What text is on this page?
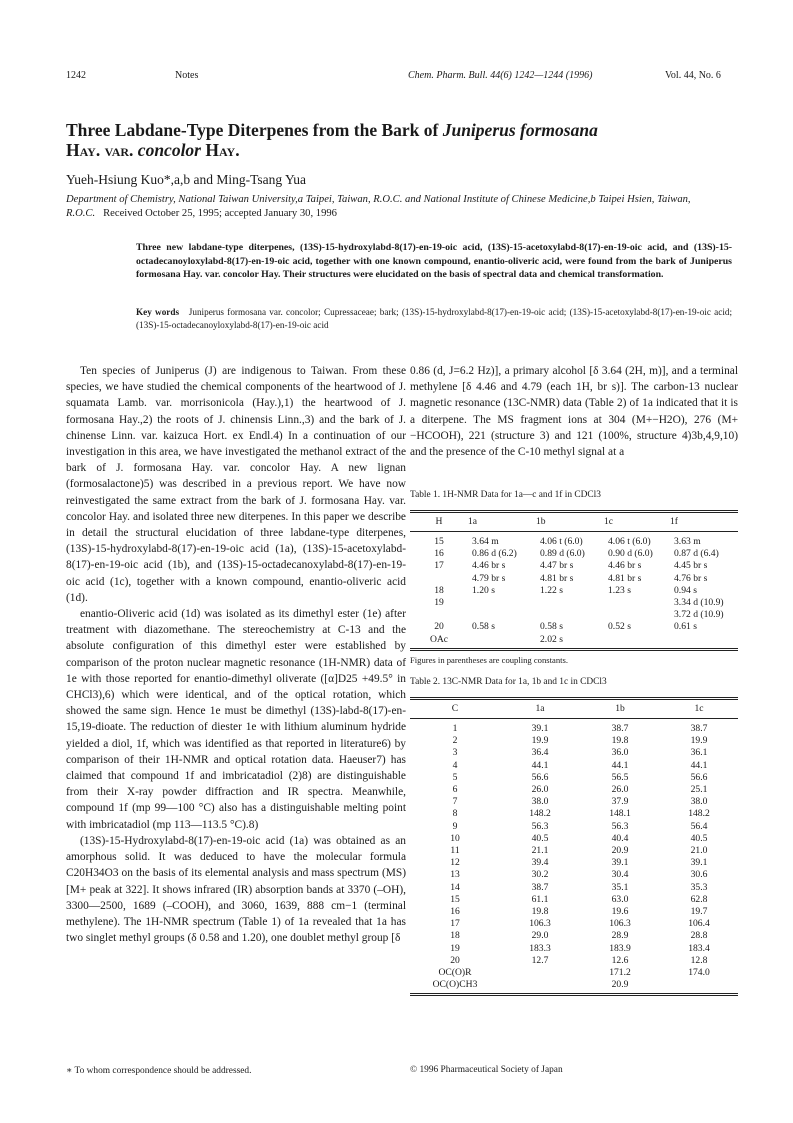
1242	Notes	Chem. Pharm. Bull. 44(6) 1242—1244 (1996)	Vol. 44, No. 6
Three Labdane-Type Diterpenes from the Bark of Juniperus formosana
Hay. var. concolor Hay.
Yueh-Hsiung Kuo*,a,b and Ming-Tsang Yua
Department of Chemistry, National Taiwan University,a Taipei, Taiwan, R.O.C. and National Institute of Chinese Medicine,b Taipei Hsien, Taiwan, R.O.C. Received October 25, 1995; accepted January 30, 1996
Three new labdane-type diterpenes, (13S)-15-hydroxylabd-8(17)-en-19-oic acid, (13S)-15-acetoxylabd-8(17)-en-19-oic acid, and (13S)-15-octadecanoyloxylabd-8(17)-en-19-oic acid, together with one known compound, enantio-oliveric acid, were found from the bark of Juniperus formosana Hay. var. concolor Hay. Their structures were elucidated on the basis of spectral data and chemical transformation.
Key words Juniperus formosana var. concolor; Cupressaceae; bark; (13S)-15-hydroxylabd-8(17)-en-19-oic acid; (13S)-15-acetoxylabd-8(17)-en-19-oic acid; (13S)-15-octadecanoyloxylabd-8(17)-en-19-oic acid

Ten species of Juniperus (J) are indigenous to Taiwan. From these species, we have studied the chemical components of the heartwood of J. squamata Lamb. var. morrisonicola (Hay.),1) the heartwood of J. formosana Hay.,2) the roots of J. chinensis Linn.,3) and the bark of J. chinense Linn. var. kaizuca Hort. ex Endl.4) In a continuation of our investigation in this area, we have investigated the methanol extract of the bark of J. formosana Hay. var. concolor Hay. A new lignan (formosalactone)5) was described in a previous report. We have now reinvestigated the same extract from the bark of J. formosana Hay. var. concolor Hay. and isolated three new diterpenes. In this paper we describe in detail the structural elucidation of three labdane-type diterpenes, (13S)-15-hydroxylabd-8(17)-en-19-oic acid (1a), (13S)-15-acetoxylabd-8(17)-en-19-oic acid (1b), and (13S)-15-octadecanoxylabd-8(17)-en-19-oic acid (1c), together with a known compound, enantio-oliveric acid (1d).

enantio-Oliveric acid (1d) was isolated as its dimethyl ester (1e) after treatment with diazomethane. The stereochemistry at C-13 and the absolute configuration of this dimethyl ester were established by comparison of the proton nuclear magnetic resonance (1H-NMR) data of 1e with those reported for enantio-dimethyl oliverate ([α]D25 +49.5° in CHCl3),6) which were identical, and of the optical rotation, which showed the same sign. Hence 1e must be dimethyl (13S)-labd-8(17)-en-15,19-dioate. The reduction of diester 1e with lithium aluminum hydride yielded a diol, 1f, which was identified as that reported in literature6) by comparison of their 1H-NMR and optical rotation data. Haeuser7) has claimed that compound 1f and imbricatadiol (2)8) are distinguishable from their X-ray powder diffraction and IR spectra. Meanwhile, compound 1f (mp 99—100 °C) also has a distinguishable melting point with imbricatadiol (mp 113—113.5 °C).8)

(13S)-15-Hydroxylabd-8(17)-en-19-oic acid (1a) was obtained as an amorphous solid. It was deduced to have the molecular formula C20H34O3 on the basis of its elemental analysis and mass spectrum (MS) [M+ peak at 322]. It shows infrared (IR) absorption bands at 3370 (–OH), 3300—2500, 1689 (–COOH), and 3060, 1639, 888 cm−1 (terminal methylene). The 1H-NMR spectrum (Table 1) of 1a revealed that 1a has two singlet methyl groups (δ 0.58 and 1.20), one doublet methyl group [δ

0.86 (d, J=6.2 Hz)], a primary alcohol [δ 3.64 (2H, m)], and a terminal methylene [δ 4.46 and 4.79 (each 1H, br s)]. The carbon-13 nuclear magnetic resonance (13C-NMR) data (Table 2) of 1a indicated that it is a diterpene. The MS fragment ions at 304 (M+−H2O), 276 (M+−HCOOH), 221 (structure 3) and 121 (100%, structure 4)3b,4,9,10) and the presence of the C-10 methyl signal at a

Table 1. 1H-NMR Data for 1a—c and 1f in CDCl3
H	1a	1b	1c	1f
15	3.64 m	4.06 t (6.0)	4.06 t (6.0)	3.63 m
16	0.86 d (6.2)	0.89 d (6.0)	0.90 d (6.0)	0.87 d (6.4)
17	4.46 br s	4.47 br s	4.46 br s	4.45 br s
	4.79 br s	4.81 br s	4.81 br s	4.76 br s
18	1.20 s	1.22 s	1.23 s	0.94 s
19				3.34 d (10.9)
				3.72 d (10.9)
20	0.58 s	0.58 s	0.52 s	0.61 s
OAc		2.02 s		
Figures in parentheses are coupling constants.
Table 2. 13C-NMR Data for 1a, 1b and 1c in CDCl3
C	1a	1b	1c
1	39.1	38.7	38.7
2	19.9	19.8	19.9
3	36.4	36.0	36.1
4	44.1	44.1	44.1
5	56.6	56.5	56.6
6	26.0	26.0	25.1
7	38.0	37.9	38.0
8	148.2	148.1	148.2
9	56.3	56.3	56.4
10	40.5	40.4	40.5
11	21.1	20.9	21.0
12	39.4	39.1	39.1
13	30.2	30.4	30.6
14	38.7	35.1	35.3
15	61.1	63.0	62.8
16	19.8	19.6	19.7
17	106.3	106.3	106.4
18	29.0	28.9	28.8
19	183.3	183.9	183.4
20	12.7	12.6	12.8
OC(O)R		171.2	174.0
OC(O)CH3		20.9	
∗ To whom correspondence should be addressed.	© 1996 Pharmaceutical Society of Japan
